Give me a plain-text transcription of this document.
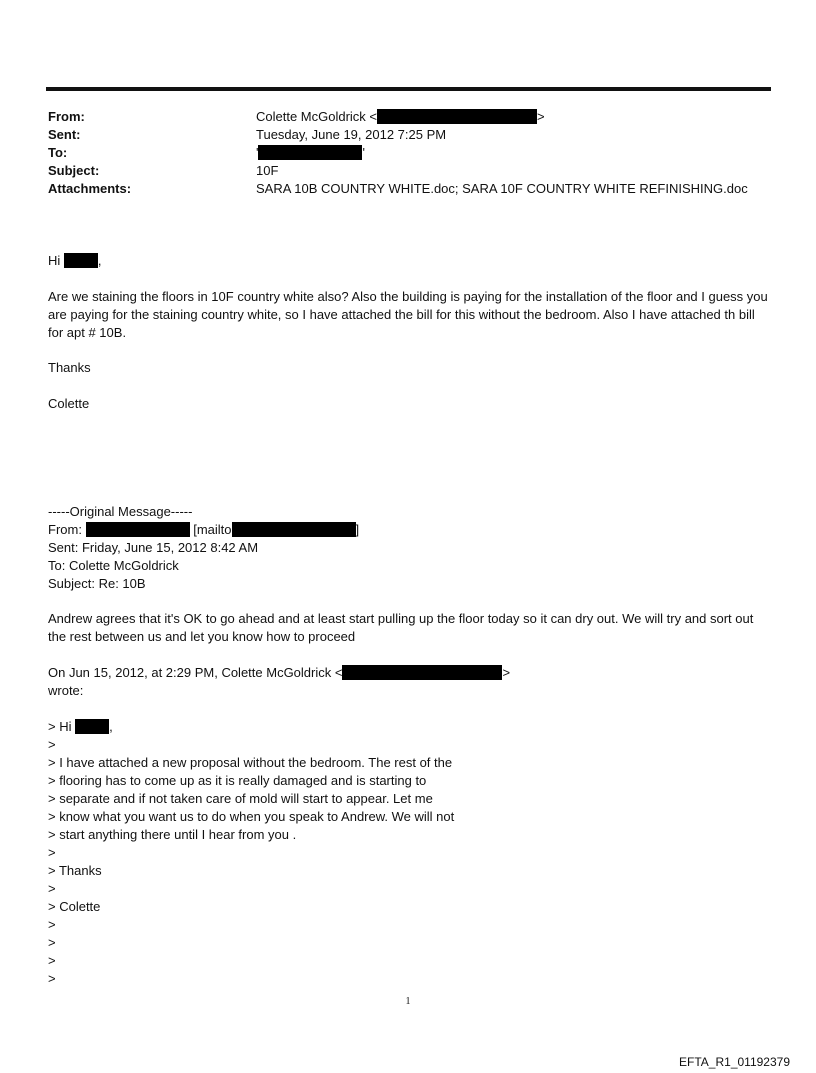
From:	Colette McGoldrick <	>
Sent:	Tuesday, June 19, 2012 7:25 PM
To:	'	'
Subject:	10F
Attachments:	SARA 10B COUNTRY WHITE.doc; SARA 10F COUNTRY WHITE REFINISHING.doc
Hi	,

Are we staining the floors in 10F country white also? Also the building is paying for the installation of the floor and I guess you are paying for the staining country white, so I have attached the bill for this without the bedroom. Also I have attached th bill for apt # 10B.

Thanks

Colette

-----Original Message-----
From:	[mailto	]
Sent: Friday, June 15, 2012 8:42 AM
To: Colette McGoldrick
Subject: Re: 10B

Andrew agrees that it's OK to go ahead and at least start pulling up the floor today so it can dry out. We will try and sort out the rest between us and let you know how to proceed

On Jun 15, 2012, at 2:29 PM, Colette McGoldrick <	>
wrote:
> Hi	,
>
> I have attached a new proposal without the bedroom. The rest of the
> flooring has to come up as it is really damaged and is starting to
> separate and if not taken care of mold will start to appear. Let me
> know what you want us to do when you speak to Andrew. We will not
> start anything there until I hear from you .
>
> Thanks
>
> Colette
>
>
>
>
1
EFTA_R1_01192379
